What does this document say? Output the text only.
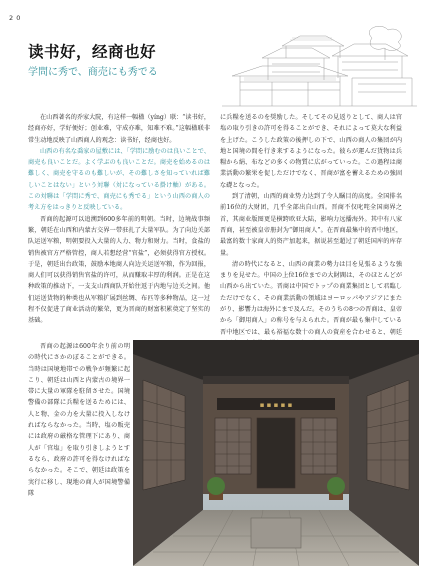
2 0
读书好，经商也好
学問に秀で、商売にも秀でる

在山西著名的乔家大院，有这样一幅楹（yíng）联：“读书好，经商亦好，学好便好；创业难，守成亦难，知难不难。”这幅楹联非常生动地反映了山西商人的观念：读书好，经商也好。

山西の有名な喬家の屋敷には、「学問に励むのは良いことで、商売も良いことだ。よく学ぶのも良いことだ。商売を始めるのは難しく、商売を守るのも難しいが、その難しさを知っていれば難しいことはない」という対聯（対になっている掛け軸）がある。この対聯は「学問に秀で、商売にも秀でる」という山西の商人の考え方をはっきりと反映している。

晋商的起源可以追溯到600多年前的明朝。当时，边境战事频繁，朝廷在山西和内蒙古交界一带驻扎了大量军队。为了向边关部队运送军粮，明朝要投入大量的人力、物力和财力。当时，食盐的销售被官方严格管控，商人若想经营“官盐”，必须获得官方授权。于是，朝廷出台政策，鼓励本地商人向边关运送军粮，作为回报，商人们可以获得销售官盐的许可，从而赚取丰厚的利润。正是在这种政策的推动下，一支支山西商队开始往返于内地与边关之间。他们运送货物的种类也从军粮扩展到丝绸、布匹等多种物品，这一过程不仅促进了商业活动的繁荣，更为晋商的财富积累奠定了坚实的基础。

晋商の起源は600年余り前の明の時代にさかのぼることができる。当時は国境地帯での戦争が頻繁に起こり、朝廷は山西と内蒙古の境界一帯に大量の軍隊を駐留させた。国境警備の部隊に兵糧を送るためには、人と物、金の力を大量に投入しなければならなかった。当時、塩の販売には政府の厳格な管理下にあり、商人が「官塩」を取り引きしようとするなら、政府の許可を得なければならなかった。そこで、朝廷は政策を実行に移し、現地の商人が国境警備隊

に兵糧を送るのを奨励した。そしてその見返りとして、商人は官塩の取り引きの許可を得ることができ、それによって莫大な利益を上げた。こうした政策の後押しの下で、山西の商人の集団が内地と国境の間を行き来するようになった。彼らが運んだ貨物は兵糧から絹、布などの多くの物質に広がっていった。この過程は商業活動の繁栄を促しただけでなく、晋商が富を蓄えるための強固な礎となった。

到了清朝，山西的商业势力达到了令人瞩目的高度。全国排名前16位的大财团，几乎全部出自山西。晋商不仅叱咤全国商界之首，其商业版图更是横跨欧亚大陆，影响力远播海外。其中有八家晋商，甚至被皇帝册封为“御用商人”。在晋商最集中的晋中地区，最富的数十家商人的资产加起来，据说甚至超过了朝廷国库的库存量。

清の時代になると、山西の商業の勢力は目を見張るような強まりを見せた。中国の上位16位までの大財閥は、そのほとんどが山西から出ていた。晋商は中国でトップの商業集団として君臨しただけでなく、その商業活動の領域はヨーロッパやアジアにまたがり、影響力は海外にまで及んだ。そのうちの8つの晋商は、皇帝から「御用商人」の称号を与えられた。晋商が最も集中している晋中地区では、最も裕福な数十の商人の資産を合わせると、朝廷

▪ ▪ ▪ ▪ ▪
